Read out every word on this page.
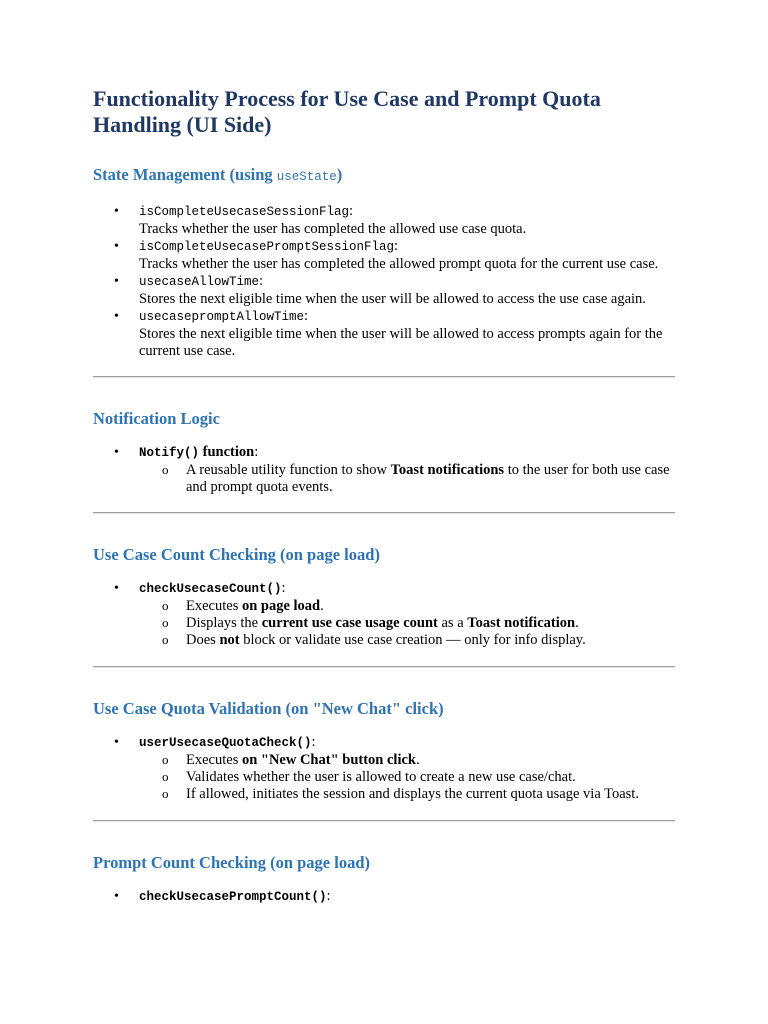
Functionality Process for Use Case and Prompt Quota Handling (UI Side)
State Management (using useState)
• isCompleteUsecaseSessionFlag:
Tracks whether the user has completed the allowed use case quota.
• isCompleteUsecasePromptSessionFlag:
Tracks whether the user has completed the allowed prompt quota for the current use case.
• usecaseAllowTime:
Stores the next eligible time when the user will be allowed to access the use case again.
• usecasepromptAllowTime:
Stores the next eligible time when the user will be allowed to access prompts again for the current use case.
Notification Logic
• Notify() function:
o A reusable utility function to show Toast notifications to the user for both use case and prompt quota events.
Use Case Count Checking (on page load)
• checkUsecaseCount():
o Executes on page load.
o Displays the current use case usage count as a Toast notification.
o Does not block or validate use case creation — only for info display.
Use Case Quota Validation (on "New Chat" click)
• userUsecaseQuotaCheck():
o Executes on "New Chat" button click.
o Validates whether the user is allowed to create a new use case/chat.
o If allowed, initiates the session and displays the current quota usage via Toast.
Prompt Count Checking (on page load)
• checkUsecasePromptCount():
